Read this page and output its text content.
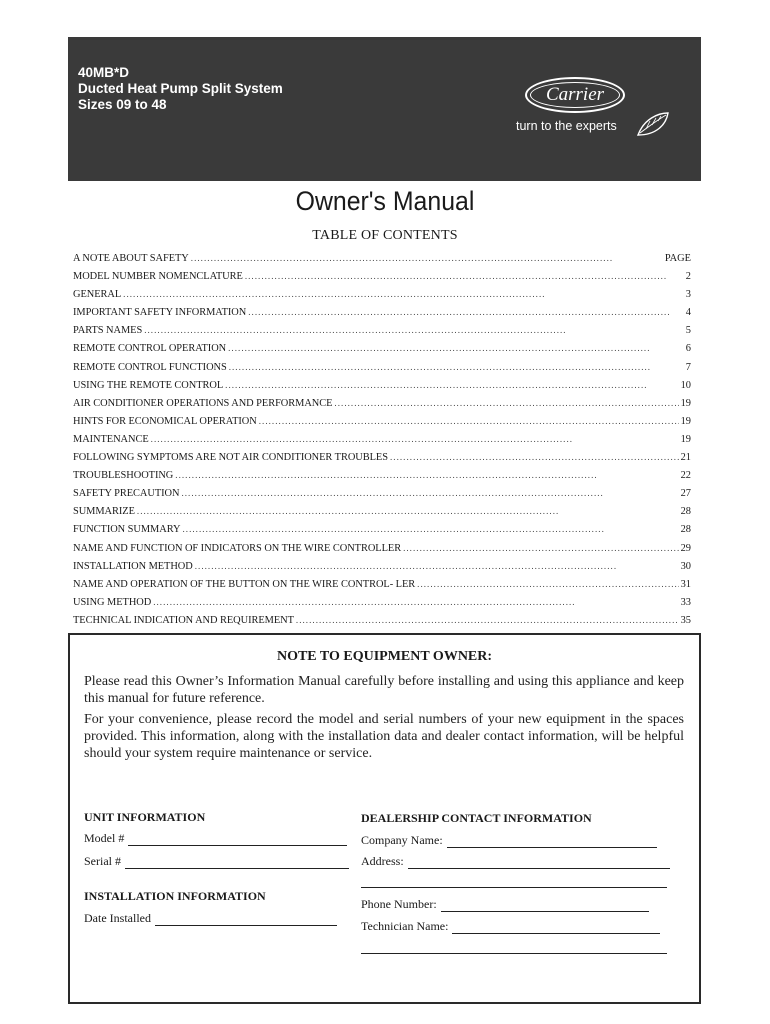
40MB*D
Ducted Heat Pump Split System
Sizes 09 to 48	Carrier
turn to the experts
Owner's Manual
TABLE OF CONTENTS
A NOTE ABOUT SAFETY . . .	PAGE
MODEL NUMBER NOMENCLATURE . . .	2
GENERAL . . .	3
IMPORTANT SAFETY INFORMATION . . .	4
PARTS NAMES . . .	5
REMOTE CONTROL OPERATION . . .	6
REMOTE CONTROL FUNCTIONS . . .	7
USING THE REMOTE CONTROL . . .	10
AIR CONDITIONER OPERATIONS AND PERFORMANCE . . .	19
HINTS FOR ECONOMICAL OPERATION . . .	19
MAINTENANCE . . .	19
FOLLOWING SYMPTOMS ARE NOT AIR CONDITIONER TROUBLES . . .	21
TROUBLESHOOTING . . .	22
SAFETY PRECAUTION . . .	27
SUMMARIZE . . .	28
FUNCTION SUMMARY . . .	28
NAME AND FUNCTION OF INDICATORS ON THE WIRE CONTROLLER . . .	29
INSTALLATION METHOD . . .	30
NAME AND OPERATION OF THE BUTTON ON THE WIRE CONTROL- LER . . .	31
USING METHOD . . .	33
TECHNICAL INDICATION AND REQUIREMENT . . .	35
NOTE TO EQUIPMENT OWNER:
Please read this Owner’s Information Manual carefully before installing and using this appliance and keep this manual for future reference.
For your convenience, please record the model and serial numbers of your new equipment in the spaces provided. This information, along with the installation data and dealer contact information, will be helpful should your system require maintenance or service.
UNIT INFORMATION
Model #
Serial #
INSTALLATION INFORMATION
Date Installed
DEALERSHIP CONTACT INFORMATION
Company Name:
Address:
Phone Number:
Technician Name:
